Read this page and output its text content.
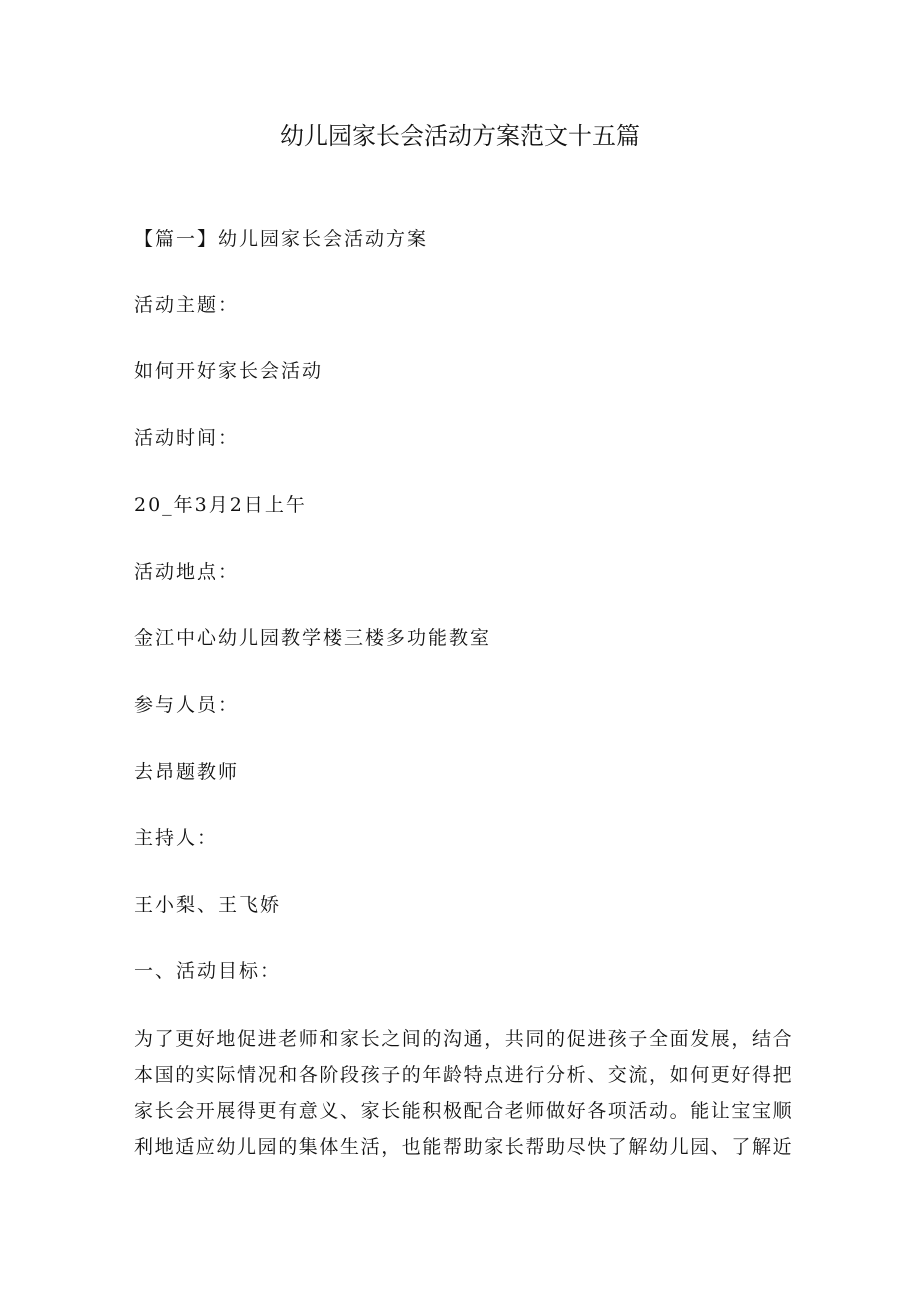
幼儿园家长会活动方案范文十五篇
【篇一】幼儿园家长会活动方案
活动主题：
如何开好家长会活动
活动时间：
20_年3月2日上午
活动地点：
金江中心幼儿园教学楼三楼多功能教室
参与人员：
去昂题教师
主持人：
王小梨、王飞娇
一、活动目标：
为了更好地促进老师和家长之间的沟通，共同的促进孩子全面发展，结合
本国的实际情况和各阶段孩子的年龄特点进行分析、交流，如何更好得把
家长会开展得更有意义、家长能积极配合老师做好各项活动。能让宝宝顺
利地适应幼儿园的集体生活，也能帮助家长帮助尽快了解幼儿园、了解近
